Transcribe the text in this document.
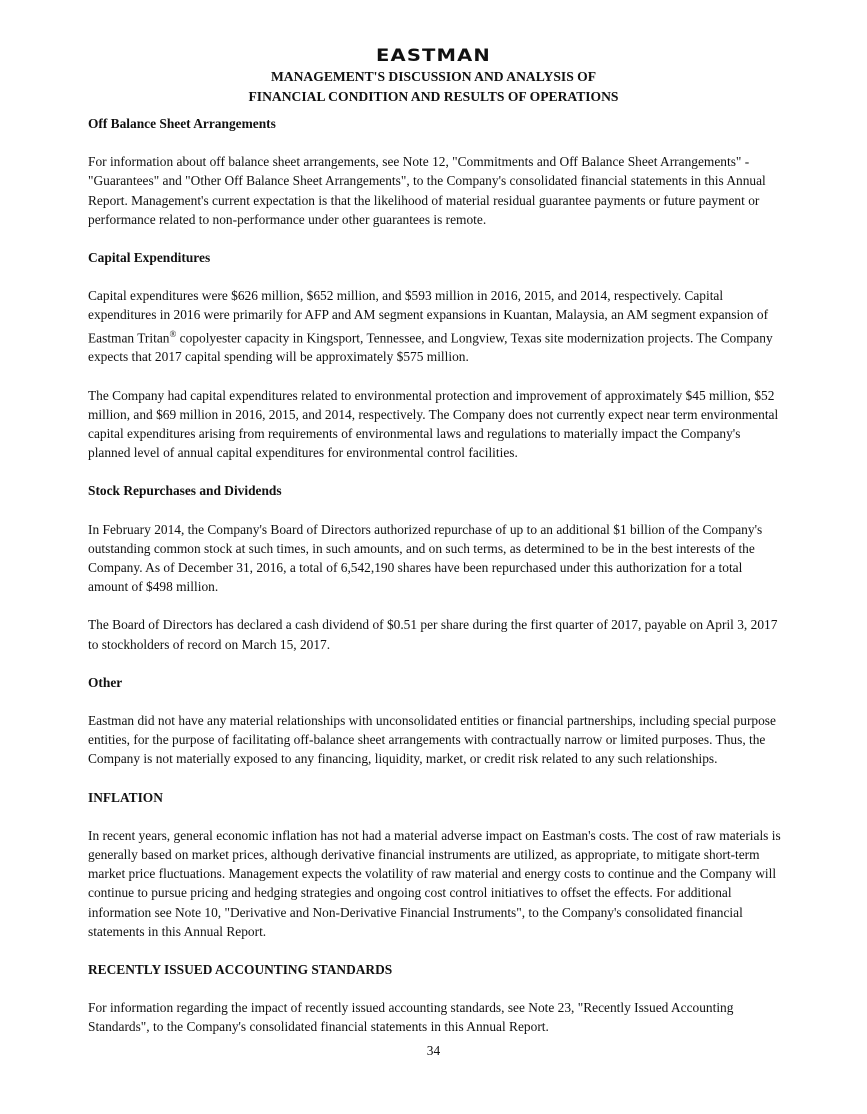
EASTMAN
MANAGEMENT'S DISCUSSION AND ANALYSIS OF
FINANCIAL CONDITION AND RESULTS OF OPERATIONS
Off Balance Sheet Arrangements

For information about off balance sheet arrangements, see Note 12, "Commitments and Off Balance Sheet Arrangements" - "Guarantees" and "Other Off Balance Sheet Arrangements", to the Company's consolidated financial statements in this Annual Report. Management's current expectation is that the likelihood of material residual guarantee payments or future payment or performance related to non-performance under other guarantees is remote.

Capital Expenditures

Capital expenditures were $626 million, $652 million, and $593 million in 2016, 2015, and 2014, respectively. Capital expenditures in 2016 were primarily for AFP and AM segment expansions in Kuantan, Malaysia, an AM segment expansion of Eastman Tritan® copolyester capacity in Kingsport, Tennessee, and Longview, Texas site modernization projects. The Company expects that 2017 capital spending will be approximately $575 million.

The Company had capital expenditures related to environmental protection and improvement of approximately $45 million, $52 million, and $69 million in 2016, 2015, and 2014, respectively. The Company does not currently expect near term environmental capital expenditures arising from requirements of environmental laws and regulations to materially impact the Company's planned level of annual capital expenditures for environmental control facilities.

Stock Repurchases and Dividends

In February 2014, the Company's Board of Directors authorized repurchase of up to an additional $1 billion of the Company's outstanding common stock at such times, in such amounts, and on such terms, as determined to be in the best interests of the Company. As of December 31, 2016, a total of 6,542,190 shares have been repurchased under this authorization for a total amount of $498 million.

The Board of Directors has declared a cash dividend of $0.51 per share during the first quarter of 2017, payable on April 3, 2017 to stockholders of record on March 15, 2017.

Other

Eastman did not have any material relationships with unconsolidated entities or financial partnerships, including special purpose entities, for the purpose of facilitating off-balance sheet arrangements with contractually narrow or limited purposes. Thus, the Company is not materially exposed to any financing, liquidity, market, or credit risk related to any such relationships.

INFLATION

In recent years, general economic inflation has not had a material adverse impact on Eastman's costs. The cost of raw materials is generally based on market prices, although derivative financial instruments are utilized, as appropriate, to mitigate short-term market price fluctuations. Management expects the volatility of raw material and energy costs to continue and the Company will continue to pursue pricing and hedging strategies and ongoing cost control initiatives to offset the effects. For additional information see Note 10, "Derivative and Non-Derivative Financial Instruments", to the Company's consolidated financial statements in this Annual Report.

RECENTLY ISSUED ACCOUNTING STANDARDS

For information regarding the impact of recently issued accounting standards, see Note 23, "Recently Issued Accounting Standards", to the Company's consolidated financial statements in this Annual Report.

34
